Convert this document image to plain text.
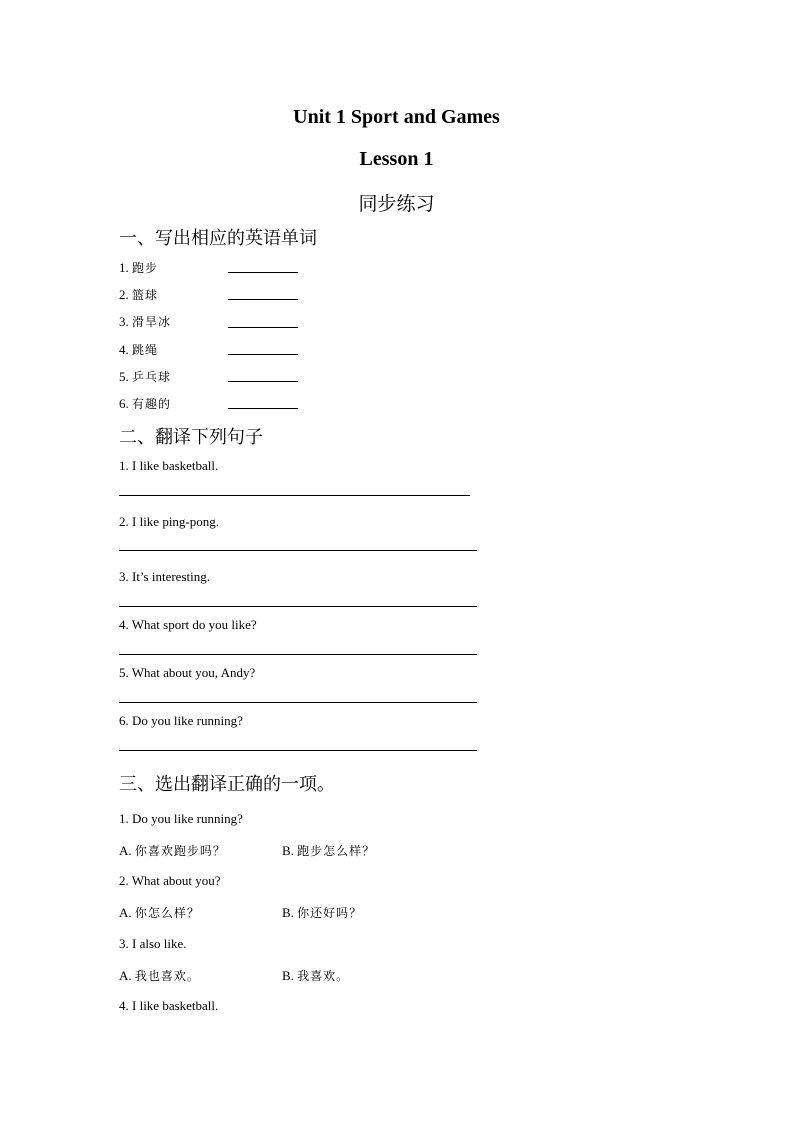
Unit 1 Sport and Games
Lesson 1
同步练习
一、写出相应的英语单词
1. 跑步
2. 篮球
3. 滑旱冰
4. 跳绳
5. 乒乓球
6. 有趣的
二、翻译下列句子
1. I like basketball.
2. I like ping-pong.
3. It’s interesting.
4. What sport do you like?
5. What about you, Andy?
6. Do you like running?
三、选出翻译正确的一项。
1. Do you like running?
A. 你喜欢跑步吗？	B. 跑步怎么样？
2. What about you?
A. 你怎么样？	B. 你还好吗？
3. I also like.
A. 我也喜欢。	B. 我喜欢。
4. I like basketball.
